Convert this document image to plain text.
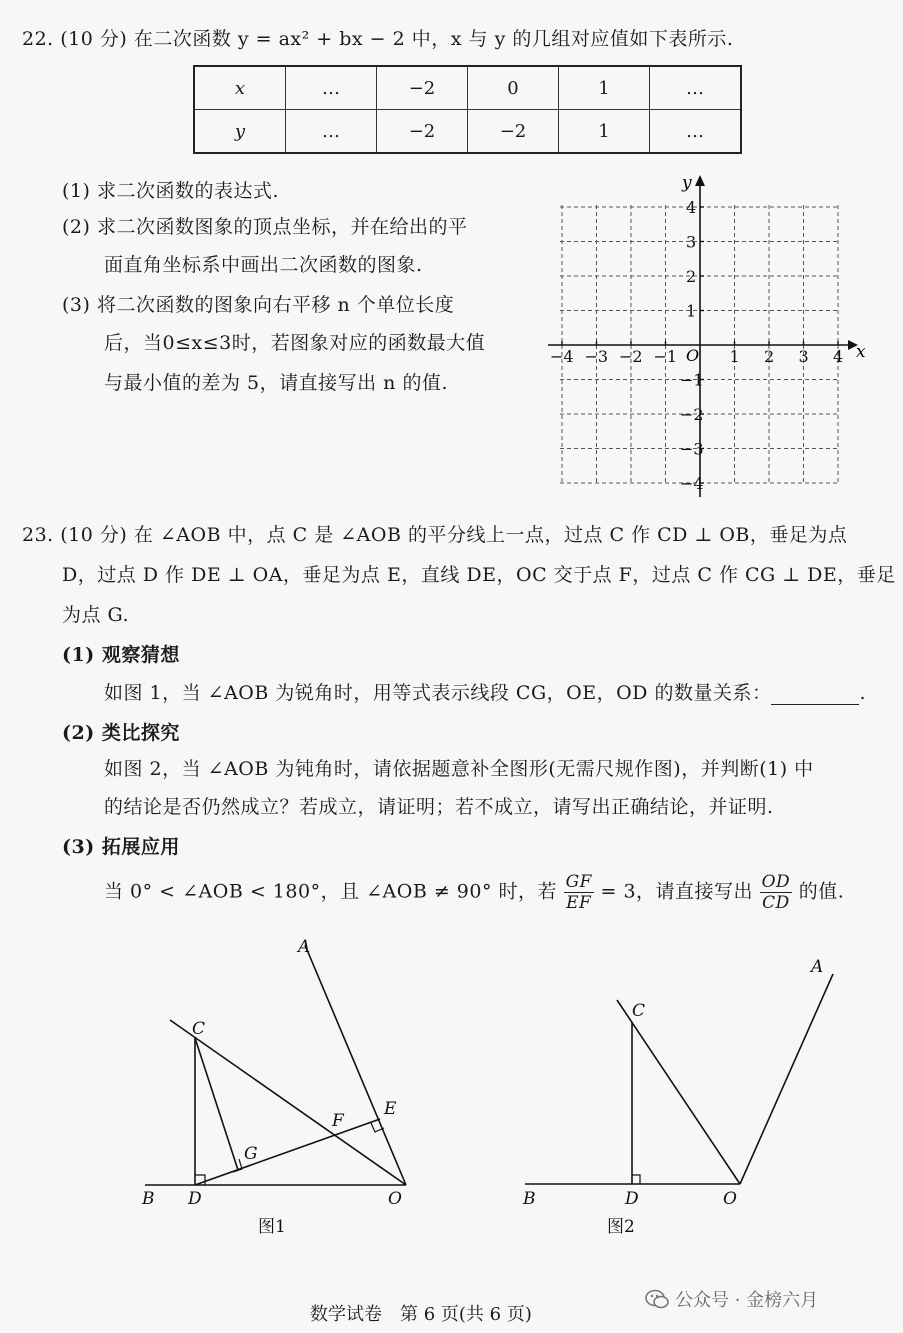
22. (10 分) 在二次函数 y = ax² + bx − 2 中，x 与 y 的几组对应值如下表所示.
x	…	−2	0	1	…
y	…	−2	−2	1	…
(1) 求二次函数的表达式.
(2) 求二次函数图象的顶点坐标，并在给出的平
面直角坐标系中画出二次函数的图象.
(3) 将二次函数的图象向右平移 n 个单位长度
后，当0≤x≤3时，若图象对应的函数最大值
与最小值的差为 5，请直接写出 n 的值.
−4 −3 −2 −1	1 2 3 4
4
3
2
1
−1
−2
−3
−4
x
y
O
23. (10 分) 在 ∠AOB 中，点 C 是 ∠AOB 的平分线上一点，过点 C 作 CD ⊥ OB，垂足为点
D，过点 D 作 DE ⊥ OA，垂足为点 E，直线 DE，OC 交于点 F，过点 C 作 CG ⊥ DE，垂足
为点 G.
(1) 观察猜想
如图 1，当 ∠AOB 为锐角时，用等式表示线段 CG，OE，OD 的数量关系：	.
(2) 类比探究
如图 2，当 ∠AOB 为钝角时，请依据题意补全图形(无需尺规作图)，并判断(1) 中
的结论是否仍然成立？若成立，请证明；若不成立，请写出正确结论，并证明.
(3) 拓展应用
当 0° < ∠AOB < 180°，且 ∠AOB ≠ 90° 时，若 $\frac{GF}{EF} = 3$，请直接写出 $\frac{OD}{CD}$ 的值.
A
B
C
D
E
F
G
O
图1
A
B
C
D	O
图2
数学试卷　第 6 页(共 6 页)
公众号 · 金榜六月
